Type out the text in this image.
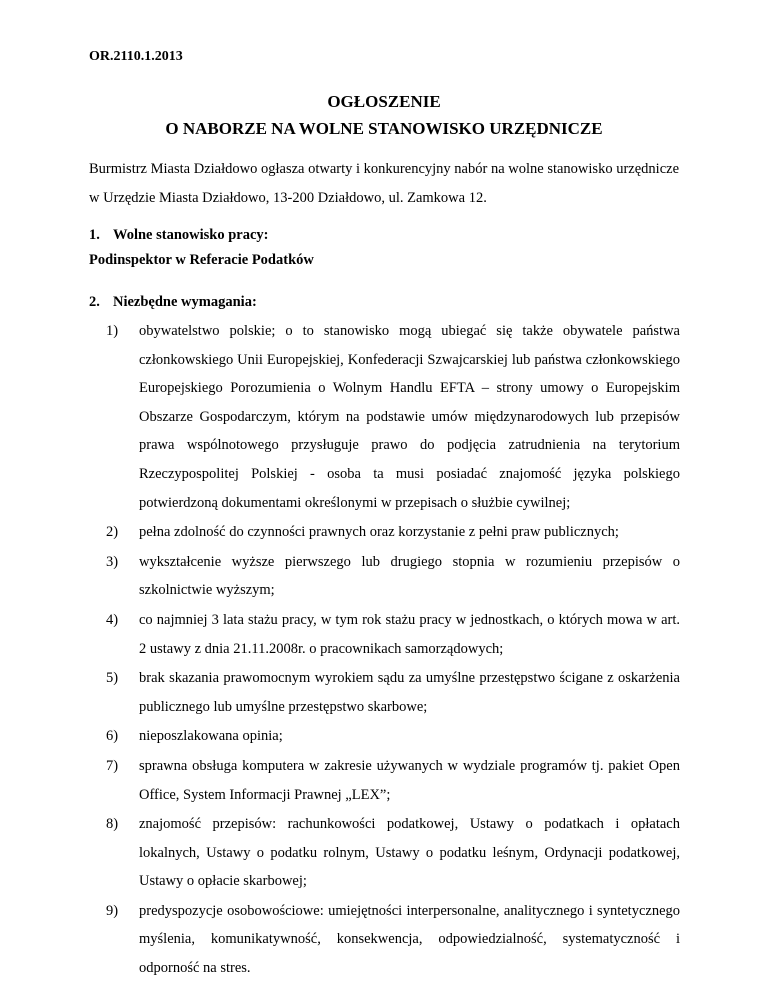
OR.2110.1.2013
OGŁOSZENIE
O NABORZE NA WOLNE STANOWISKO URZĘDNICZE
Burmistrz Miasta Działdowo ogłasza otwarty i konkurencyjny nabór na wolne stanowisko urzędnicze w Urzędzie Miasta Działdowo, 13-200 Działdowo, ul. Zamkowa 12.
1. Wolne stanowisko pracy:
Podinspektor w Referacie Podatków
2. Niezbędne wymagania:
1) obywatelstwo polskie; o to stanowisko mogą ubiegać się także obywatele państwa członkowskiego Unii Europejskiej, Konfederacji Szwajcarskiej lub państwa członkowskiego Europejskiego Porozumienia o Wolnym Handlu EFTA – strony umowy o Europejskim Obszarze Gospodarczym, którym na podstawie umów międzynarodowych lub przepisów prawa wspólnotowego przysługuje prawo do podjęcia zatrudnienia na terytorium Rzeczypospolitej Polskiej - osoba ta musi posiadać znajomość języka polskiego potwierdzoną dokumentami określonymi w przepisach o służbie cywilnej;
2) pełna zdolność do czynności prawnych oraz korzystanie z pełni praw publicznych;
3) wykształcenie wyższe pierwszego lub drugiego stopnia w rozumieniu przepisów o szkolnictwie wyższym;
4) co najmniej 3 lata stażu pracy, w tym rok stażu pracy w jednostkach, o których mowa w art. 2 ustawy z dnia 21.11.2008r. o pracownikach samorządowych;
5) brak skazania prawomocnym wyrokiem sądu za umyślne przestępstwo ścigane z oskarżenia publicznego lub umyślne przestępstwo skarbowe;
6) nieposzlakowana opinia;
7) sprawna obsługa komputera w zakresie używanych w wydziale programów tj. pakiet Open Office, System Informacji Prawnej „LEX”;
8) znajomość przepisów: rachunkowości podatkowej, Ustawy o podatkach i opłatach lokalnych, Ustawy o podatku rolnym, Ustawy o podatku leśnym, Ordynacji podatkowej, Ustawy o opłacie skarbowej;
9) predyspozycje osobowościowe: umiejętności interpersonalne, analitycznego i syntetycznego myślenia, komunikatywność, konsekwencja, odpowiedzialność, systematyczność i odporność na stres.
